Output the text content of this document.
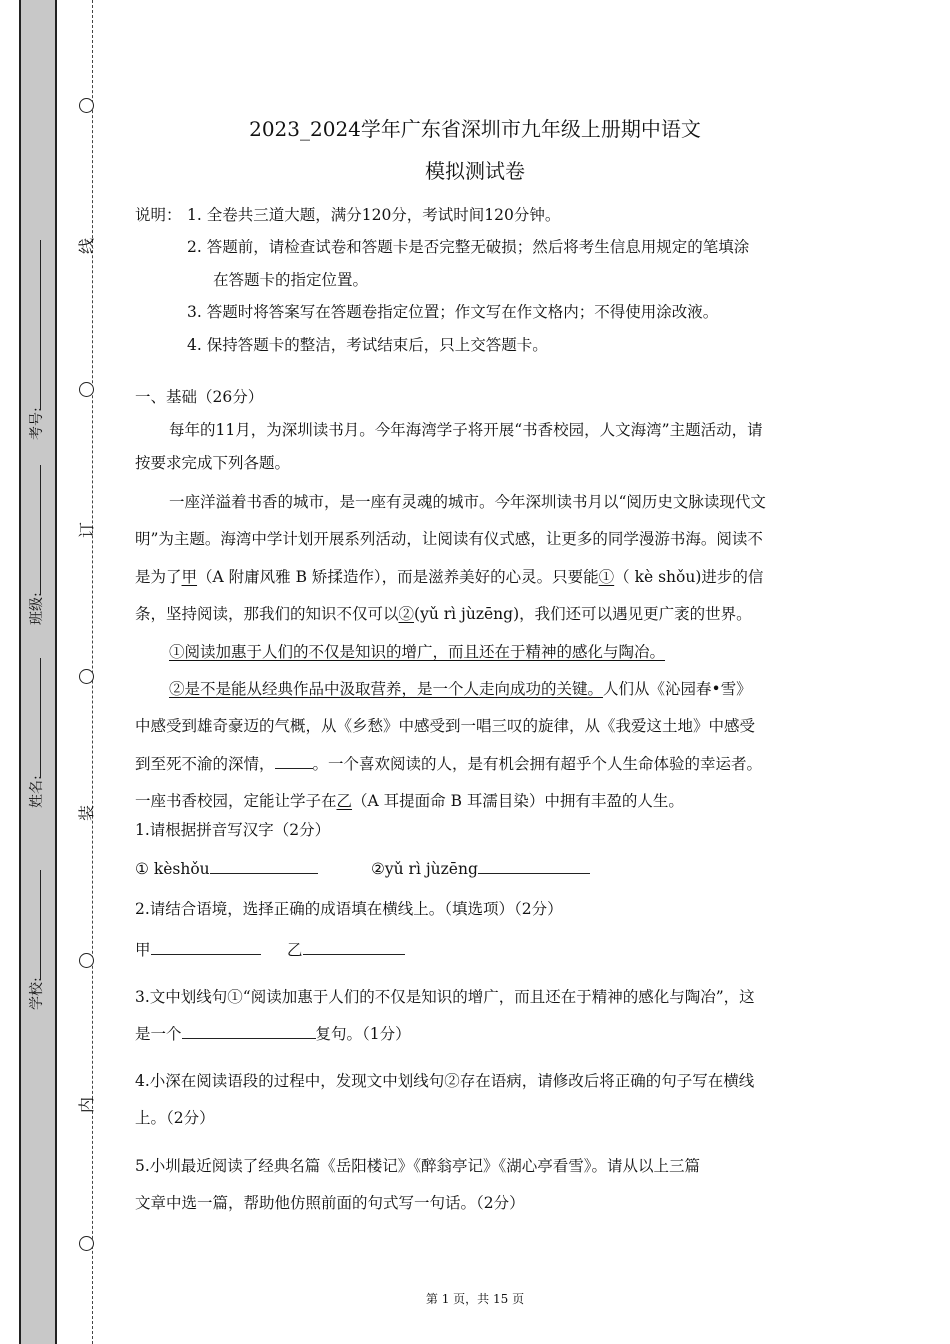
线
订
装
内
学校:
姓名:
班级:
考号:
2023_2024学年广东省深圳市九年级上册期中语文
模拟测试卷
说明： 1. 全卷共三道大题，满分120分，考试时间120分钟。
2. 答题前，请检查试卷和答题卡是否完整无破损；然后将考生信息用规定的笔填涂
在答题卡的指定位置。
3. 答题时将答案写在答题卷指定位置；作文写在作文格内；不得使用涂改液。
4. 保持答题卡的整洁，考试结束后，只上交答题卡。
一、基础（26分）
每年的11月，为深圳读书月。今年海湾学子将开展“书香校园，人文海湾”主题活动，请
按要求完成下列各题。
一座洋溢着书香的城市，是一座有灵魂的城市。今年深圳读书月以“阅历史文脉读现代文
明”为主题。海湾中学计划开展系列活动，让阅读有仪式感，让更多的同学漫游书海。阅读不
是为了甲（A 附庸风雅 B 矫揉造作），而是滋养美好的心灵。只要能①（ kè shǒu)进步的信
条，坚持阅读，那我们的知识不仅可以②(yǔ rì jùzēng)，我们还可以遇见更广袤的世界。
①阅读加惠于人们的不仅是知识的增广，而且还在于精神的感化与陶冶。
②是不是能从经典作品中汲取营养，是一个人走向成功的关键。人们从《沁园春•雪》
中感受到雄奇豪迈的气概，从《乡愁》中感受到一唱三叹的旋律，从《我爱这土地》中感受
到至死不渝的深情， 。一个喜欢阅读的人，是有机会拥有超乎个人生命体验的幸运者。
一座书香校园，定能让学子在乙（A 耳提面命 B 耳濡目染）中拥有丰盈的人生。
1.请根据拼音写汉字（2分）
① kèshǒu	②yǔ rì jùzēng
2.请结合语境，选择正确的成语填在横线上。（填选项）（2分）
甲	乙
3.文中划线句①“阅读加惠于人们的不仅是知识的增广，而且还在于精神的感化与陶冶”，这
是一个	复句。（1分）
4.小深在阅读语段的过程中，发现文中划线句②存在语病，请修改后将正确的句子写在横线
上。（2分）
5.小圳最近阅读了经典名篇《岳阳楼记》《醉翁亭记》《湖心亭看雪》。请从以上三篇
文章中选一篇，帮助他仿照前面的句式写一句话。（2分）
第 1 页，共 15 页
